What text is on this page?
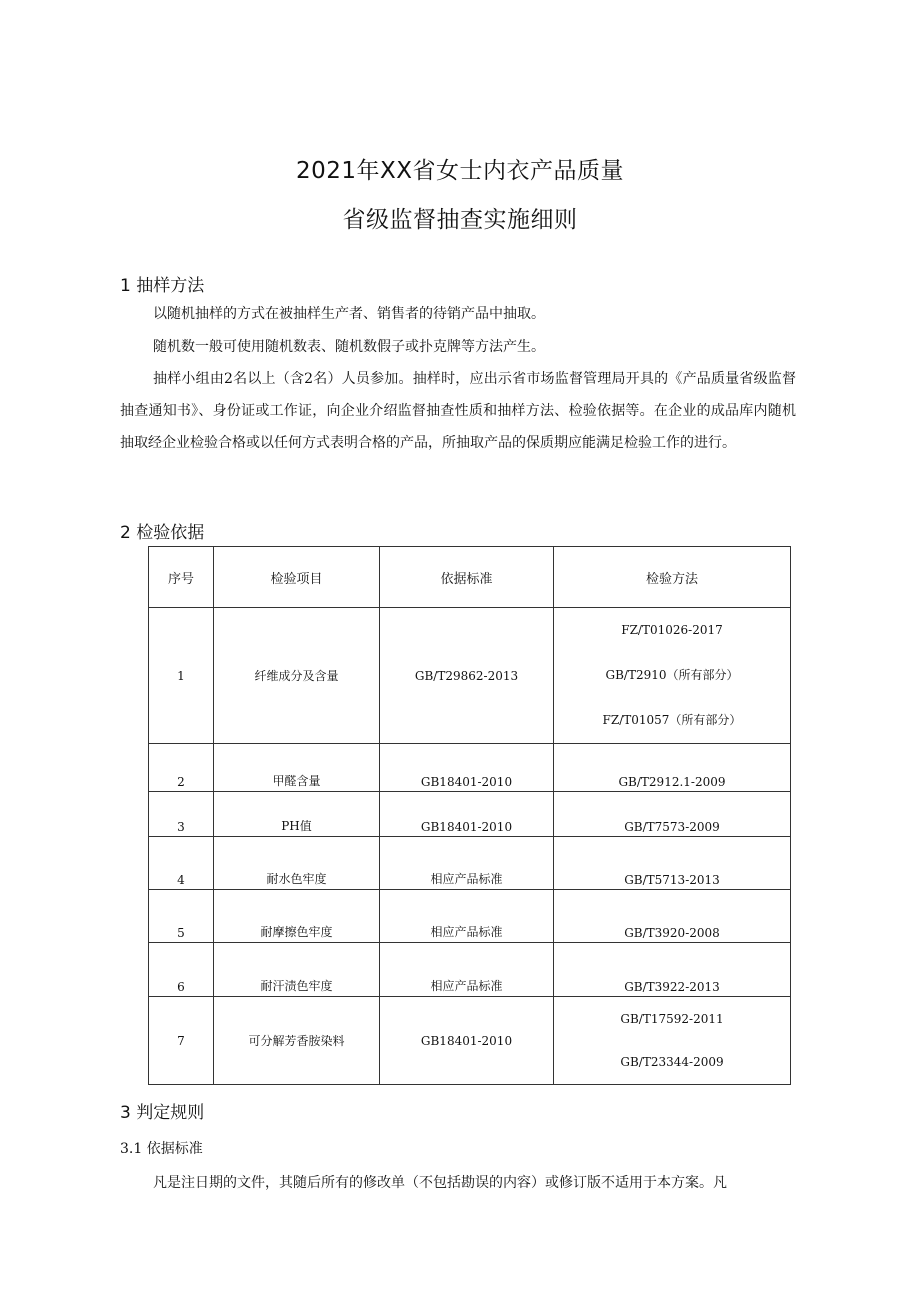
2021年XX省女士内衣产品质量
省级监督抽查实施细则
1 抽样方法
以随机抽样的方式在被抽样生产者、销售者的待销产品中抽取。
随机数一般可使用随机数表、随机数假子或扑克牌等方法产生。
抽样小组由2名以上（含2名）人员参加。抽样时，应出示省市场监督管理局开具的《产品质量省级监督抽查通知书》、身份证或工作证，向企业介绍监督抽查性质和抽样方法、检验依据等。在企业的成品库内随机抽取经企业检验合格或以任何方式表明合格的产品，所抽取产品的保质期应能满足检验工作的进行。
2 检验依据
序号	检验项目	依据标准	检验方法
1	纤维成分及含量	GB/T29862-2013	FZ/T01026-2017
GB/T2910（所有部分）
FZ/T01057（所有部分）

2	甲醛含量	GB18401-2010	GB/T2912.1-2009
3	PH值	GB18401-2010	GB/T7573-2009
4	耐水色牢度	相应产品标准	GB/T5713-2013
5	耐摩擦色牢度	相应产品标准	GB/T3920-2008
6	耐汗渍色牢度	相应产品标准	GB/T3922-2013
7	可分解芳香胺染料	GB18401-2010	GB/T17592-2011
GB/T23344-2009
3 判定规则
3.1 依据标准
凡是注日期的文件，其随后所有的修改单（不包括勘误的内容）或修订版不适用于本方案。凡
